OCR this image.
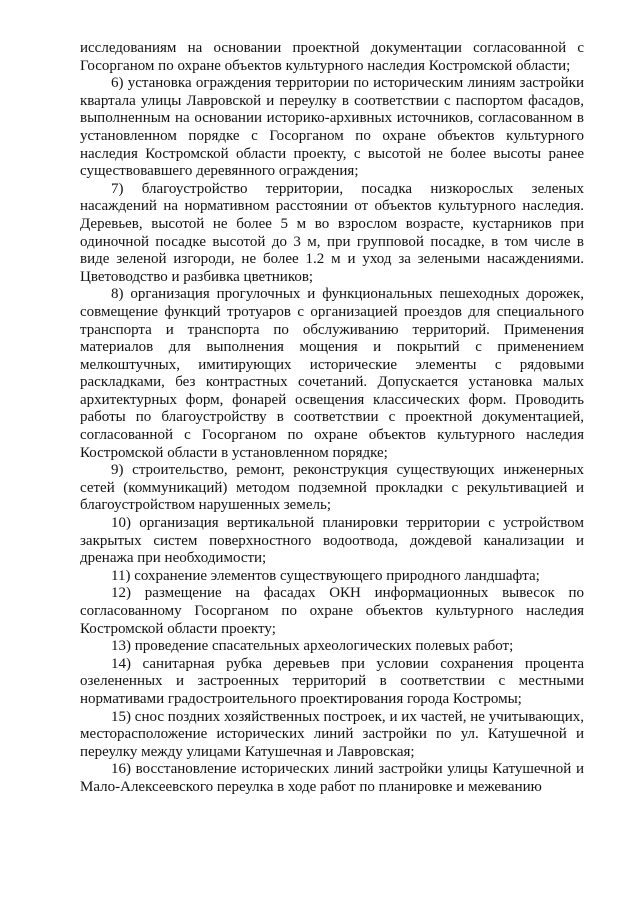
исследованиям на основании проектной документации согласованной с Госорганом по охране объектов культурного наследия Костромской области;

6) установка ограждения территории по историческим линиям застройки квартала улицы Лавровской и переулку в соответствии с паспортом фасадов, выполненным на основании историко-архивных источников, согласованном в установленном порядке с Госорганом по охране объектов культурного наследия Костромской области проекту, с высотой не более высоты ранее существовавшего деревянного ограждения;

7) благоустройство территории, посадка низкорослых зеленых насаждений на нормативном расстоянии от объектов культурного наследия. Деревьев, высотой не более 5 м во взрослом возрасте, кустарников при одиночной посадке высотой до 3 м, при групповой посадке, в том числе в виде зеленой изгороди, не более 1.2 м и уход за зелеными насаждениями. Цветоводство и разбивка цветников;

8) организация прогулочных и функциональных пешеходных дорожек, совмещение функций тротуаров с организацией проездов для специального транспорта и транспорта по обслуживанию территорий. Применения материалов для выполнения мощения и покрытий с применением мелкоштучных, имитирующих исторические элементы с рядовыми раскладками, без контрастных сочетаний. Допускается установка малых архитектурных форм, фонарей освещения классических форм. Проводить работы по благоустройству в соответствии с проектной документацией, согласованной с Госорганом по охране объектов культурного наследия Костромской области в установленном порядке;

9) строительство, ремонт, реконструкция существующих инженерных сетей (коммуникаций) методом подземной прокладки с рекультивацией и благоустройством нарушенных земель;

10) организация вертикальной планировки территории с устройством закрытых систем поверхностного водоотвода, дождевой канализации и дренажа при необходимости;

11) сохранение элементов существующего природного ландшафта;

12) размещение на фасадах ОКН информационных вывесок по согласованному Госорганом по охране объектов культурного наследия Костромской области проекту;

13) проведение спасательных археологических полевых работ;

14) санитарная рубка деревьев при условии сохранения процента озелененных и застроенных территорий в соответствии с местными нормативами градостроительного проектирования города Костромы;

15) снос поздних хозяйственных построек, и их частей, не учитывающих, месторасположение исторических линий застройки по ул. Катушечной и переулку между улицами Катушечная и Лавровская;

16) восстановление исторических линий застройки улицы Катушечной и Мало-Алексеевского переулка в ходе работ по планировке и межеванию
